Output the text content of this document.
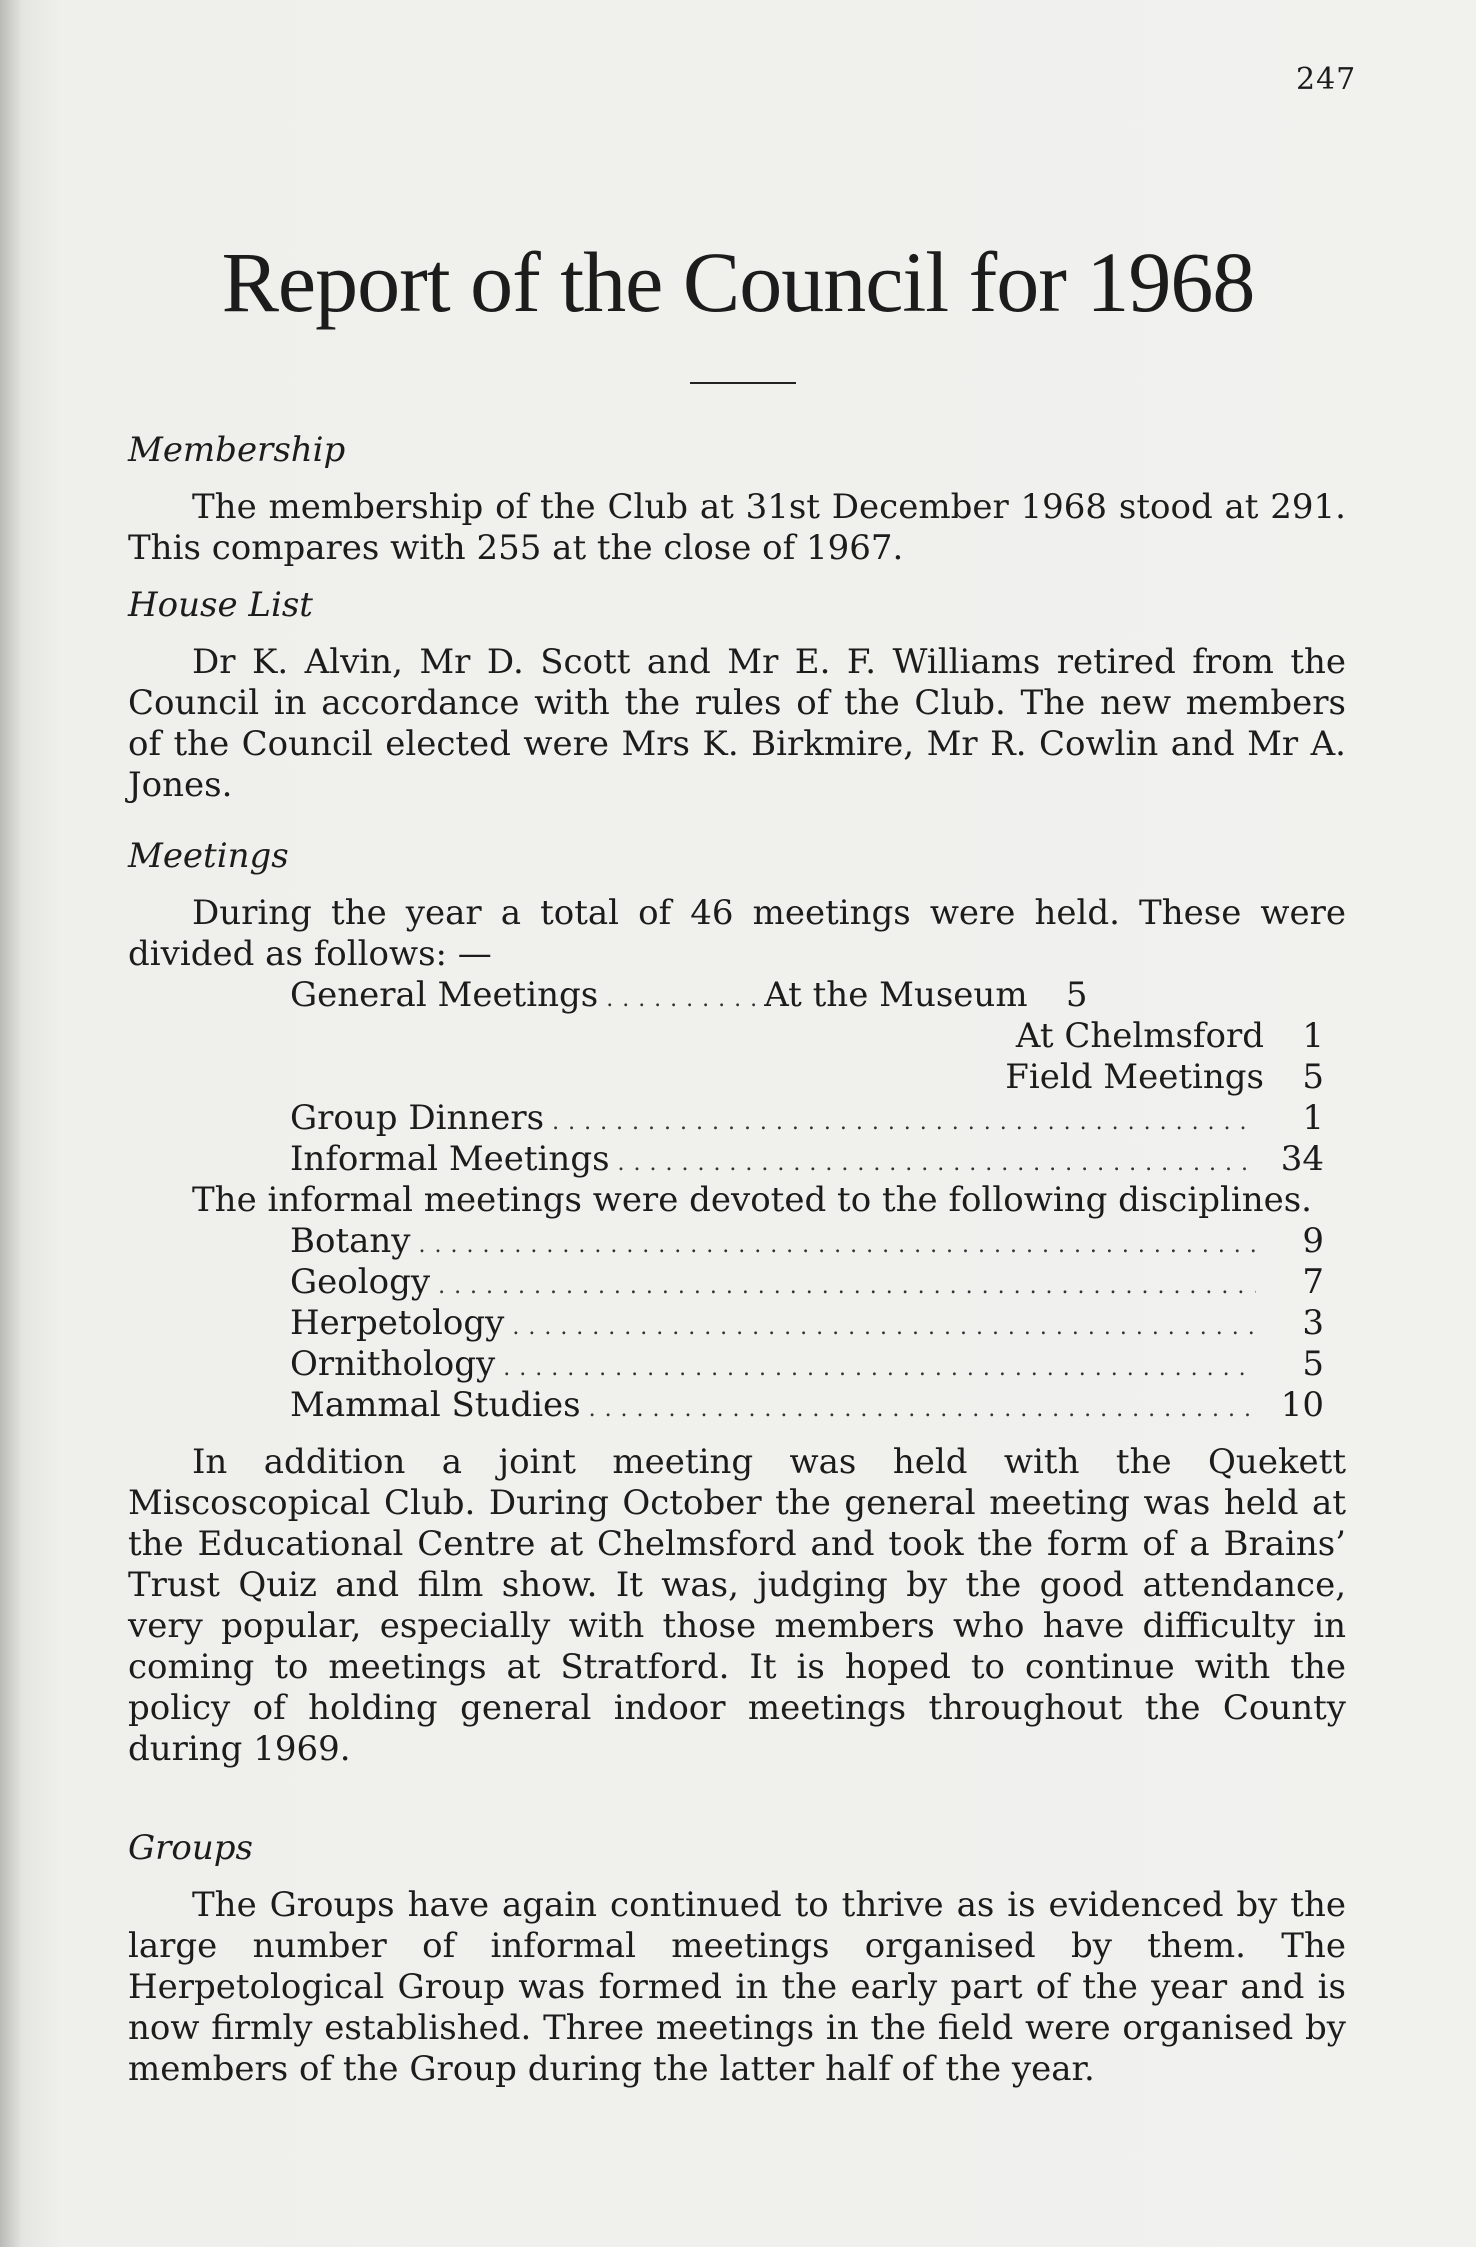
247
Report of the Council for 1968
Membership

The membership of the Club at 31st December 1968 stood at 291. This compares with 255 at the close of 1967.

House List

Dr K. Alvin, Mr D. Scott and Mr E. F. Williams retired from the Council in accordance with the rules of the Club. The new members of the Council elected were Mrs K. Birkmire, Mr R. Cowlin and Mr A. Jones.

Meetings

During the year a total of 46 meetings were held. These were divided as follows: —

General Meetings . . .	At the Museum	5
At Chelmsford	1
Field Meetings	5
Group Dinners . . .	1
Informal Meetings . . .	34

The informal meetings were devoted to the following disciplines.

Botany . . .	9
Geology . . .	7
Herpetology . . .	3
Ornithology . . .	5
Mammal Studies . . .	10

In addition a joint meeting was held with the Quekett Miscoscopical Club. During October the general meeting was held at the Educational Centre at Chelmsford and took the form of a Brains’ Trust Quiz and film show. It was, judging by the good attendance, very popular, especially with those members who have difficulty in coming to meetings at Stratford. It is hoped to continue with the policy of holding general indoor meetings throughout the County during 1969.

Groups

The Groups have again continued to thrive as is evidenced by the large number of informal meetings organised by them. The Herpetological Group was formed in the early part of the year and is now firmly established. Three meetings in the field were organised by members of the Group during the latter half of the year.
